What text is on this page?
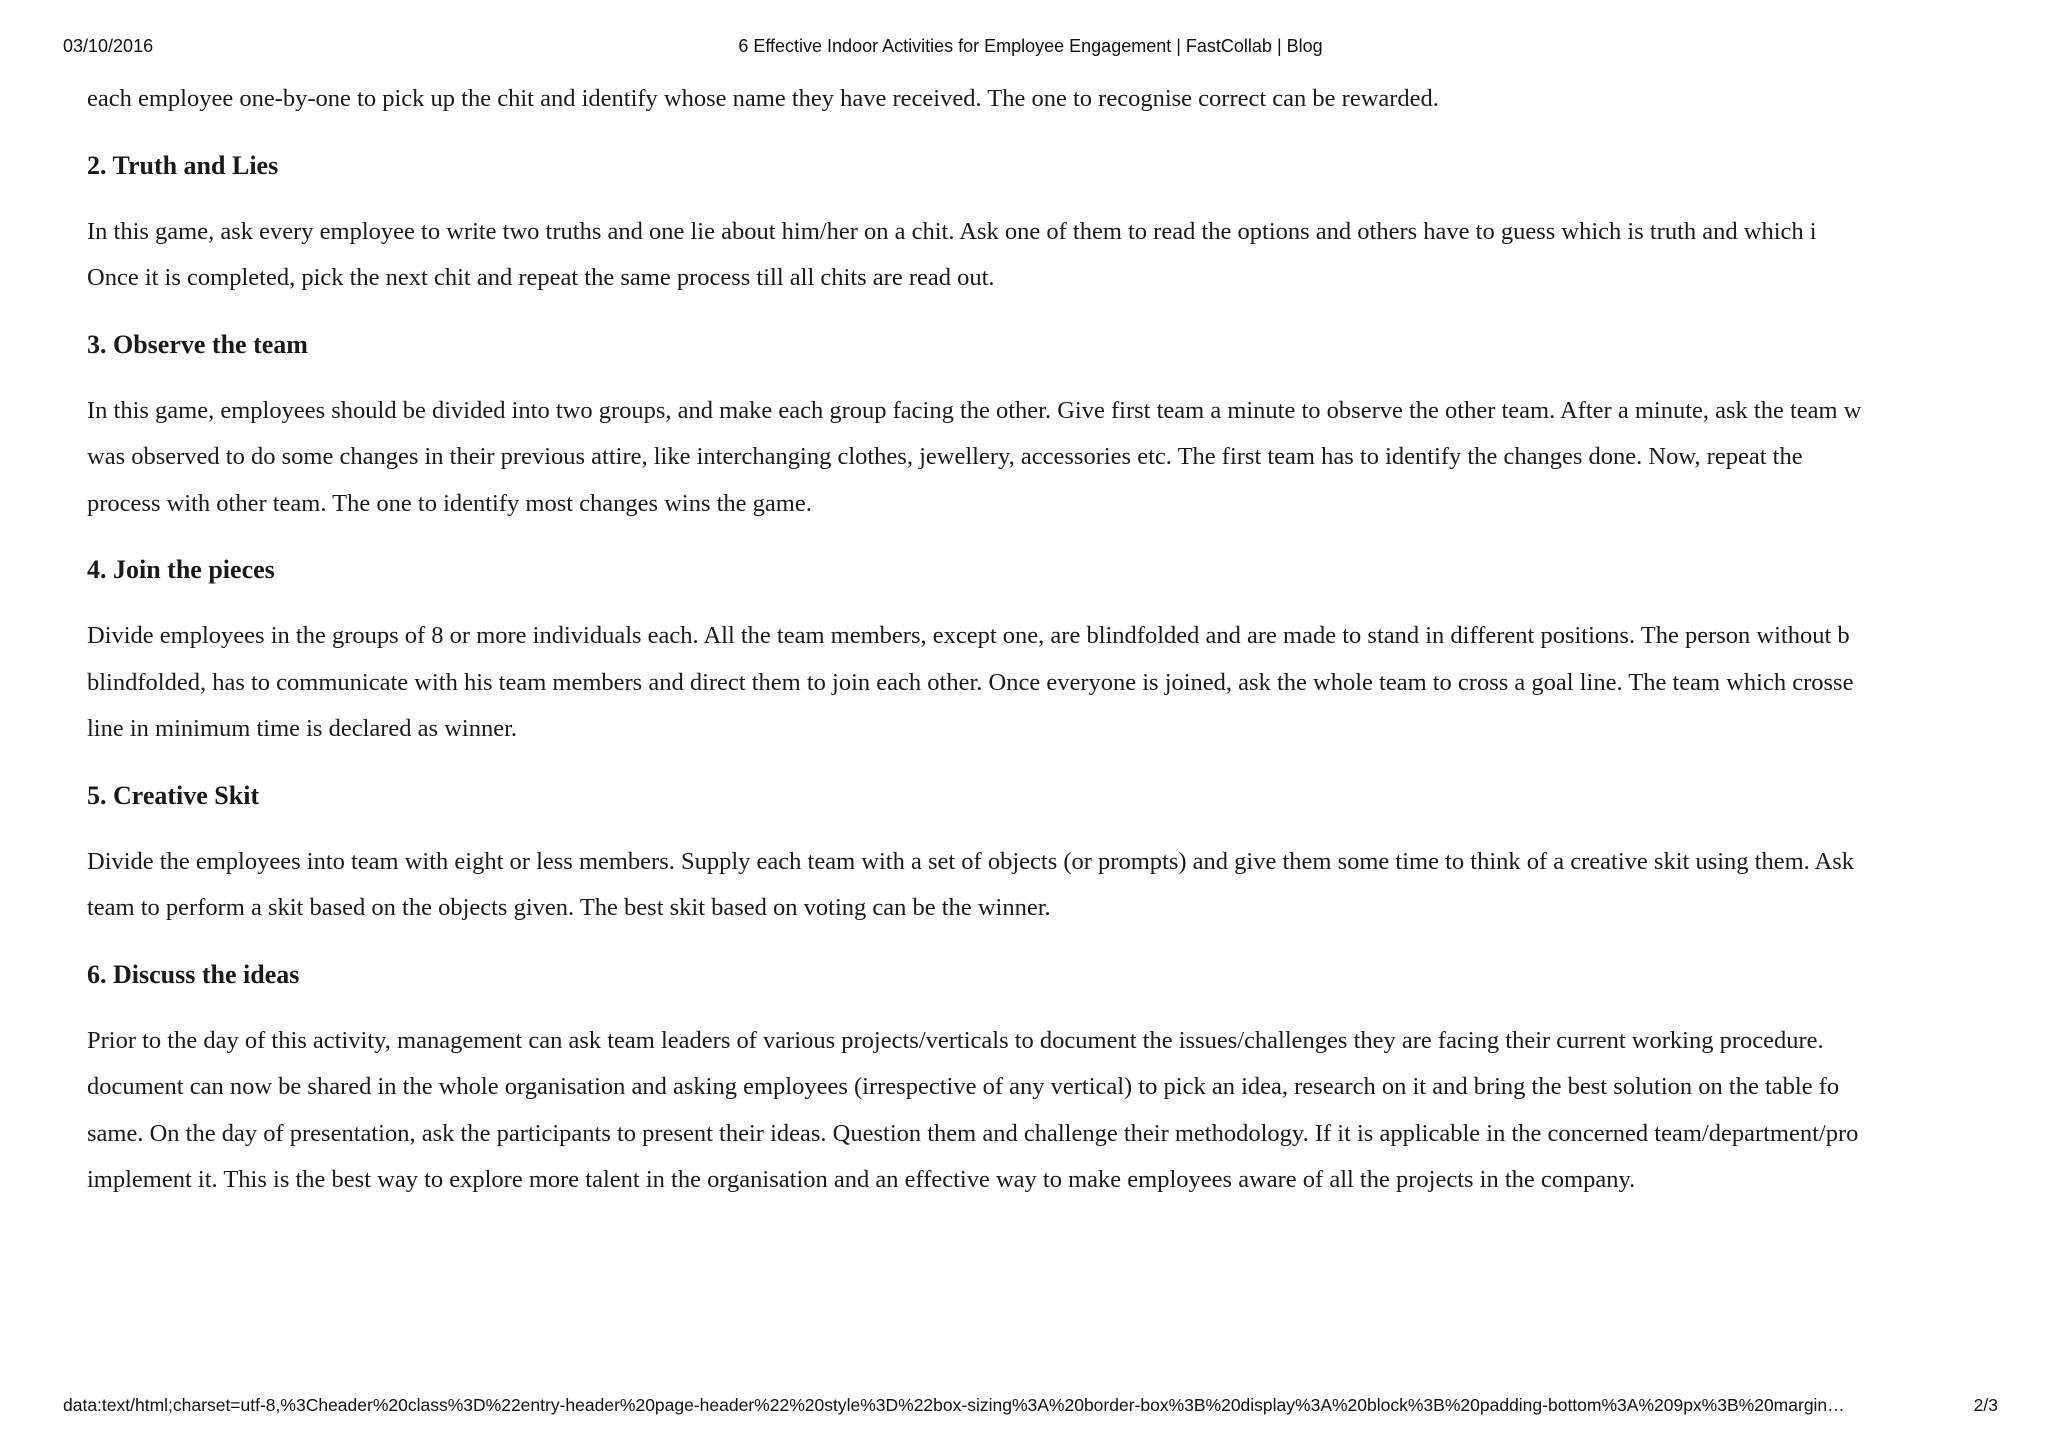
03/10/2016	6 Effective Indoor Activities for Employee Engagement | FastCollab | Blog

each employee one-by-one to pick up the chit and identify whose name they have received. The one to recognise correct can be rewarded.

2. Truth and Lies

In this game, ask every employee to write two truths and one lie about him/her on a chit. Ask one of them to read the options and others have to guess which is truth and which i

Once it is completed, pick the next chit and repeat the same process till all chits are read out.

3. Observe the team

In this game, employees should be divided into two groups, and make each group facing the other. Give first team a minute to observe the other team. After a minute, ask the team w

was observed to do some changes in their previous attire, like interchanging clothes, jewellery, accessories etc. The first team has to identify the changes done. Now, repeat the

process with other team. The one to identify most changes wins the game.

4. Join the pieces

Divide employees in the groups of 8 or more individuals each. All the team members, except one, are blindfolded and are made to stand in different positions. The person without b

blindfolded, has to communicate with his team members and direct them to join each other. Once everyone is joined, ask the whole team to cross a goal line. The team which crosse

line in minimum time is declared as winner.

5. Creative Skit

Divide the employees into team with eight or less members. Supply each team with a set of objects (or prompts) and give them some time to think of a creative skit using them. Ask

team to perform a skit based on the objects given. The best skit based on voting can be the winner.

6. Discuss the ideas

Prior to the day of this activity, management can ask team leaders of various projects/verticals to document the issues/challenges they are facing their current working procedure.

document can now be shared in the whole organisation and asking employees (irrespective of any vertical) to pick an idea, research on it and bring the best solution on the table fo

same. On the day of presentation, ask the participants to present their ideas. Question them and challenge their methodology. If it is applicable in the concerned team/department/pro

implement it. This is the best way to explore more talent in the organisation and an effective way to make employees aware of all the projects in the company.

data:text/html;charset=utf-8,%3Cheader%20class%3D%22entry-header%20page-header%22%20style%3D%22box-sizing%3A%20border-box%3B%20display%3A%20block%3B%20padding-bottom%3A%209px%3B%20margin…	2/3
